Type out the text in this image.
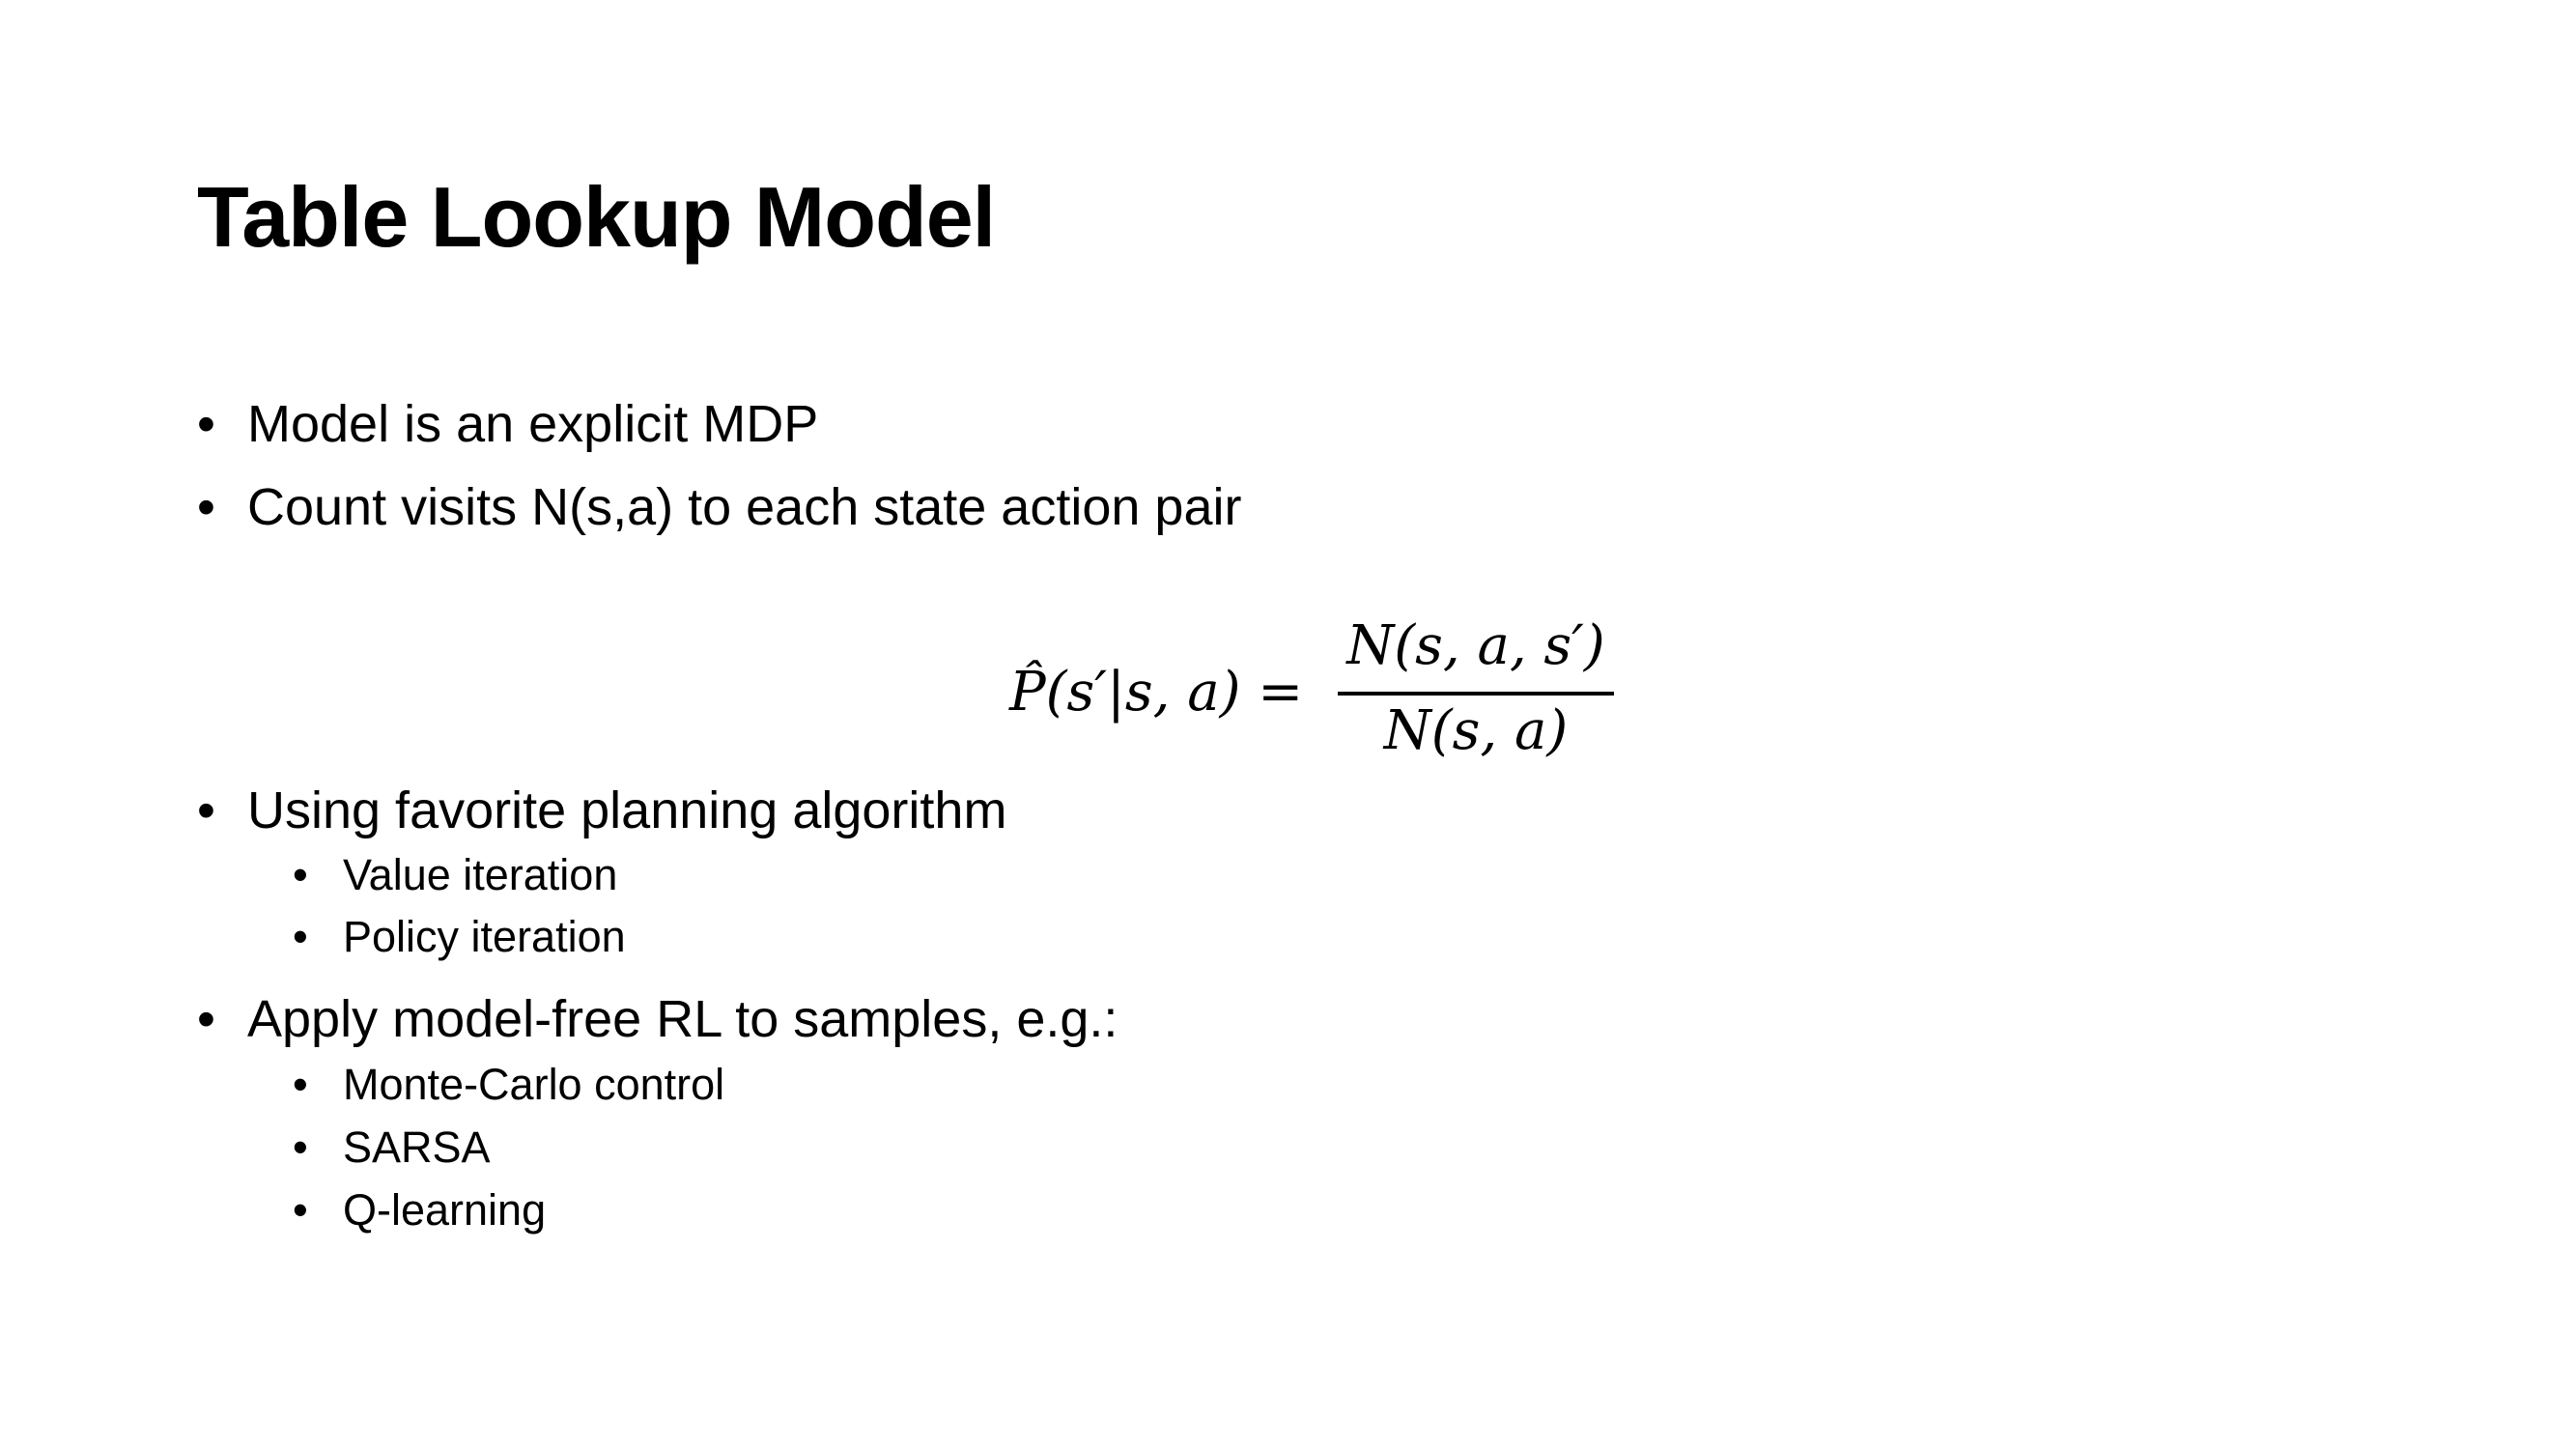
Table Lookup Model
• Model is an explicit MDP
• Count visits N(s,a) to each state action pair
P̂(s′|s, a) =
N(s, a, s′)
N(s, a)
• Using favorite planning algorithm
• Value iteration
• Policy iteration
• Apply model-free RL to samples, e.g.:
• Monte-Carlo control
• SARSA
• Q-learning
